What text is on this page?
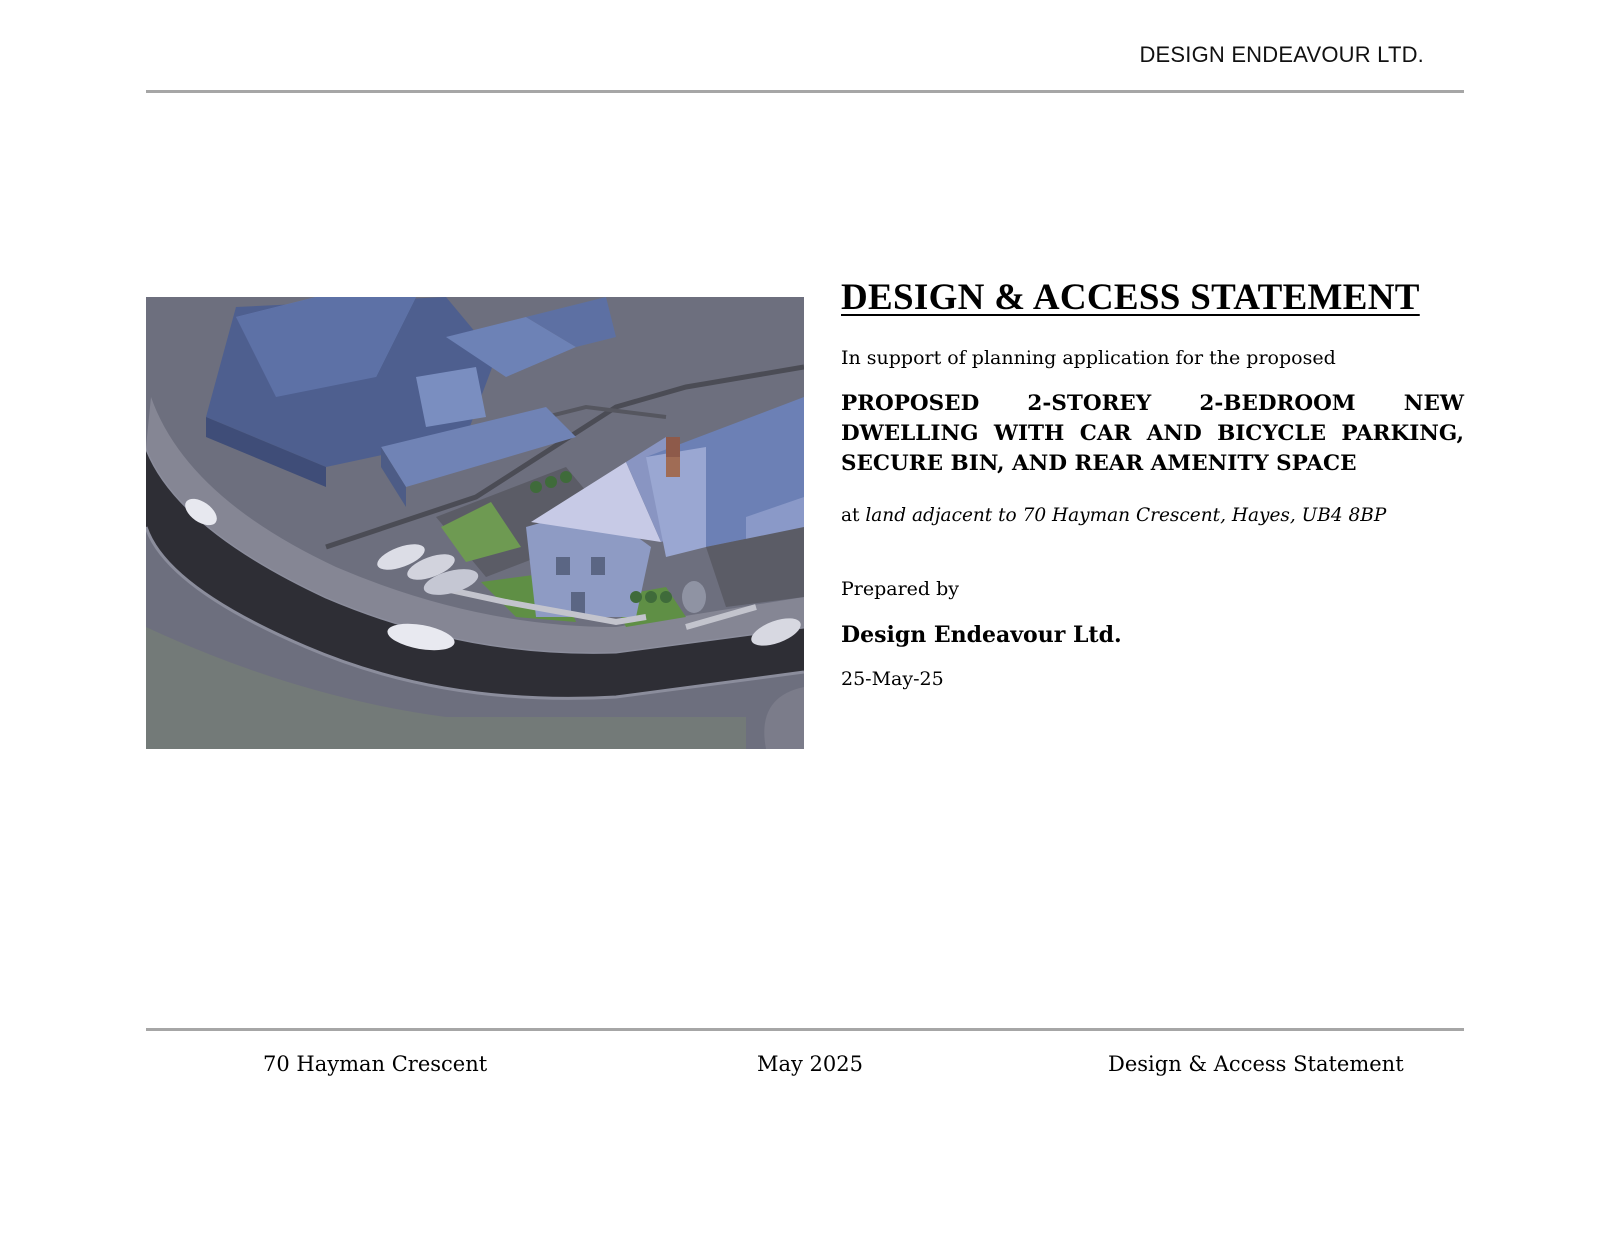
DESIGN ENDEAVOUR LTD.
DESIGN & ACCESS STATEMENT
In support of planning application for the proposed
PROPOSED 2-STOREY 2-BEDROOM NEW DWELLING WITH CAR AND BICYCLE PARKING, SECURE BIN, AND REAR AMENITY SPACE
at land adjacent to 70 Hayman Crescent, Hayes, UB4 8BP
Prepared by
Design Endeavour Ltd.
25-May-25
70 Hayman Crescent	May 2025	Design & Access Statement
